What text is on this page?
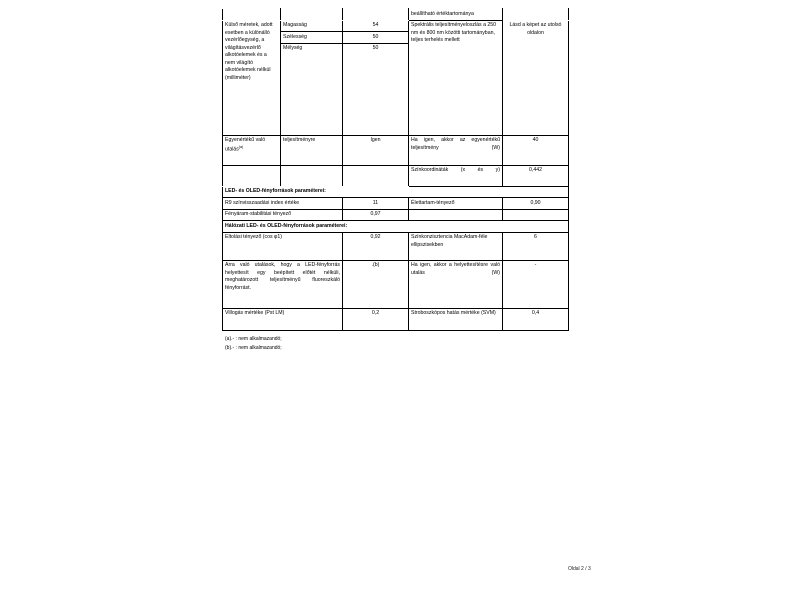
			beállítható értéktartománya	
Külső méretek, adott esetben a különálló vezérlőegység, a világításvezérlő alkotóelemek és a nem világító alkotóelemek nélkül (milliméter)	Magasság	54	Spektrális teljesítményeloszlás a 250 nm és 800 nm közötti tartományban, teljes terhelés mellett	Lásd a képet az utolsó oldalon
	Szélesség	50		
	Mélység	50		
Egyenértékű való utalás$^{(a)}$	teljesítményre	Igen	Ha igen, akkor az egyenértékű teljesítmény (W)	40
			Színkoordináták (x és y)	0,442
LED- és OLED-fényforrások paraméterei:				
R9 színvisszaadási index értéke		11	Élettartam-tényező	0,90
Fényáram-stabilitási tényező		0,97		
Hálózati LED- és OLED-fényforrások paraméterei:				
Eltolási tényező (cos φ1)		0,92	Színkonzisztencia MacAdam-féle ellipszisekben	6
Arra való utalások, hogy a LED-fényforrás helyettesít egy beépített előtét nélküli, meghatározott teljesítményű fluoreszkáló fényforrást.		.(b)	Ha igen, akkor a helyettesítésre való utalás (W)	-
Villogás mértéke (Pst LM)		0,2	Stroboszkópos hatás mértéke (SVM)	0,4
(a).- : nem alkalmazandó;
(b).- : nem alkalmazandó;
Oldal 2 / 3
